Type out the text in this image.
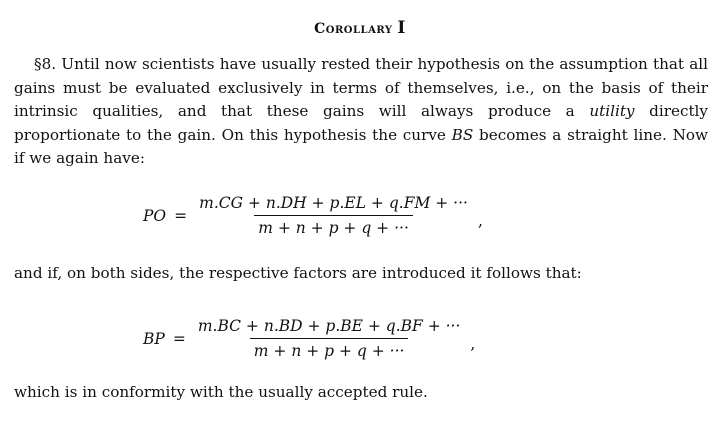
Corollary I
§8. Until now scientists have usually rested their hypothesis on the assumption that all gains must be evaluated exclusively in terms of themselves, i.e., on the basis of their intrinsic qualities, and that these gains will always produce a utility directly proportionate to the gain. On this hypothesis the curve BS becomes a straight line. Now if we again have:
PO = $\frac{m.CG + n.DH + p.EL + q.FM + \cdot\cdot\cdot}{m + n + p + q + \cdot\cdot\cdot}$ ,
and if, on both sides, the respective factors are introduced it follows that:
BP = $\frac{m.BC + n.BD + p.BE + q.BF + \cdot\cdot\cdot}{m + n + p + q + \cdot\cdot\cdot}$ ,
which is in conformity with the usually accepted rule.
